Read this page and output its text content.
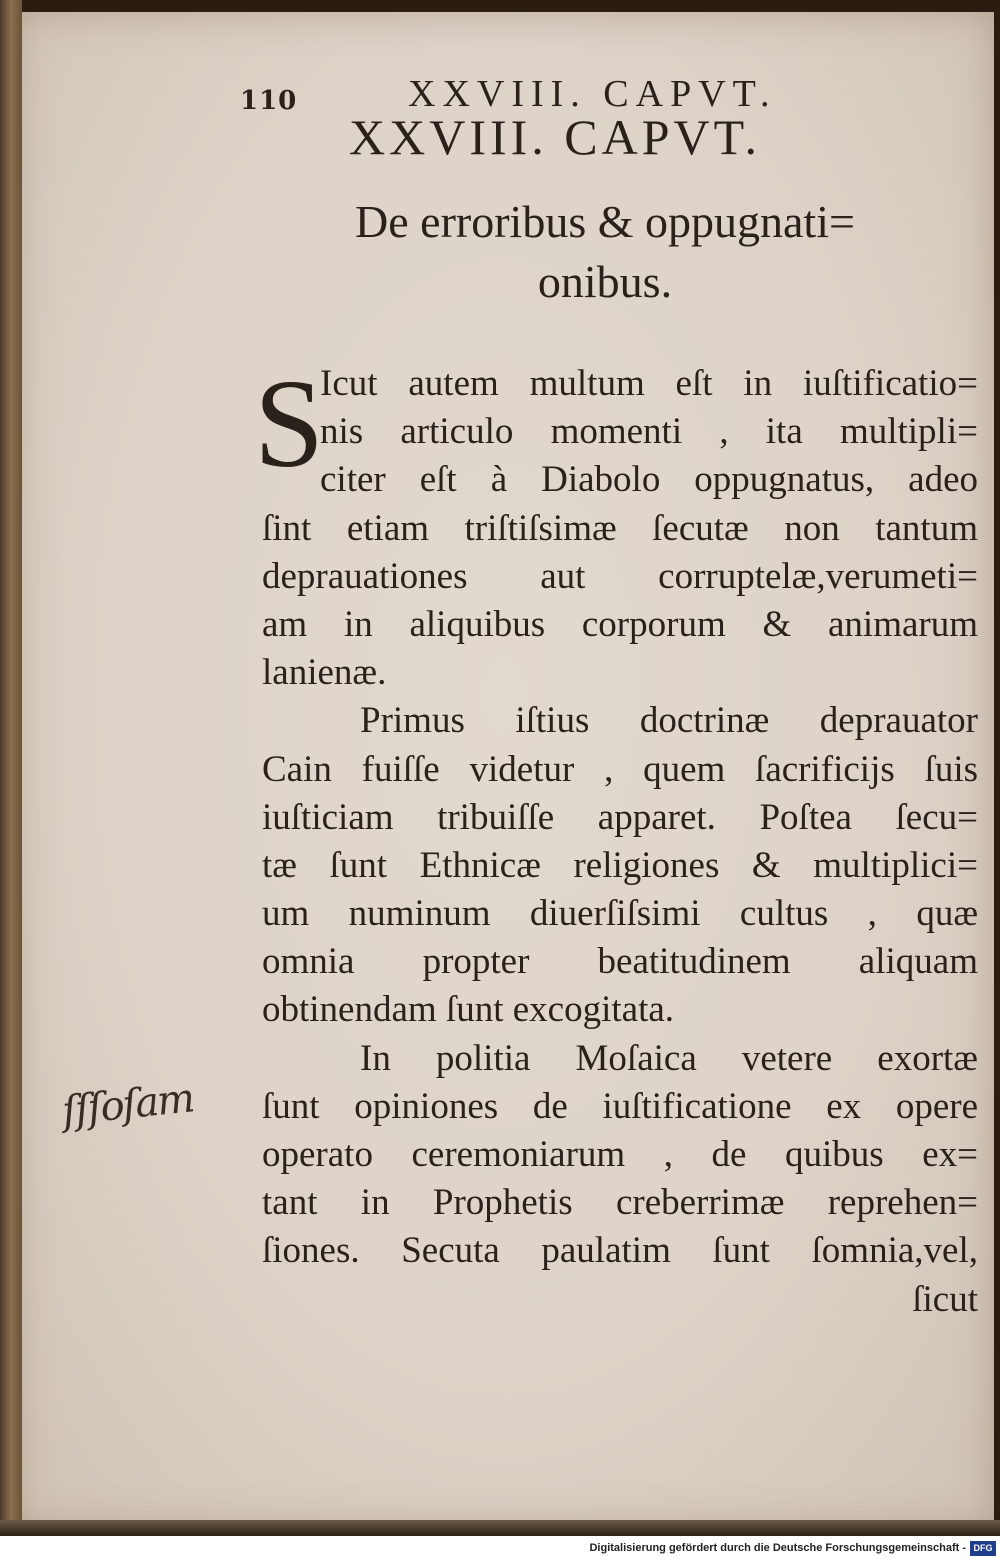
110	XXVIII. CAPVT.
XXVIII. CAPVT.
De erroribus & oppugnati=
onibus.
S
Icut autem multum eſt in iuſtificatio=
nis articulo momenti , ita multipli=
citer eſt à Diabolo oppugnatus, adeo
ſint etiam triſtiſsimæ ſecutæ non tantum
deprauationes aut corruptelæ,verumeti=
am in aliquibus corporum & animarum
lanienæ.
Primus iſtius doctrinæ deprauator
Cain fuiſſe videtur , quem ſacrificijs ſuis
iuſticiam tribuiſſe apparet. Poſtea ſecu=
tæ ſunt Ethnicæ religiones & multiplici=
um numinum diuerſiſsimi cultus , quæ
omnia propter beatitudinem aliquam
obtinendam ſunt excogitata.
In politia Moſaica vetere exortæ
ſunt opiniones de iuſtificatione ex opere
operato ceremoniarum , de quibus ex=
tant in Prophetis creberrimæ reprehen=
ſiones. Secuta paulatim ſunt ſomnia,vel,
ſicut
ſſſoſam
Digitalisierung gefördert durch die Deutsche Forschungsgemeinschaft - DFG
